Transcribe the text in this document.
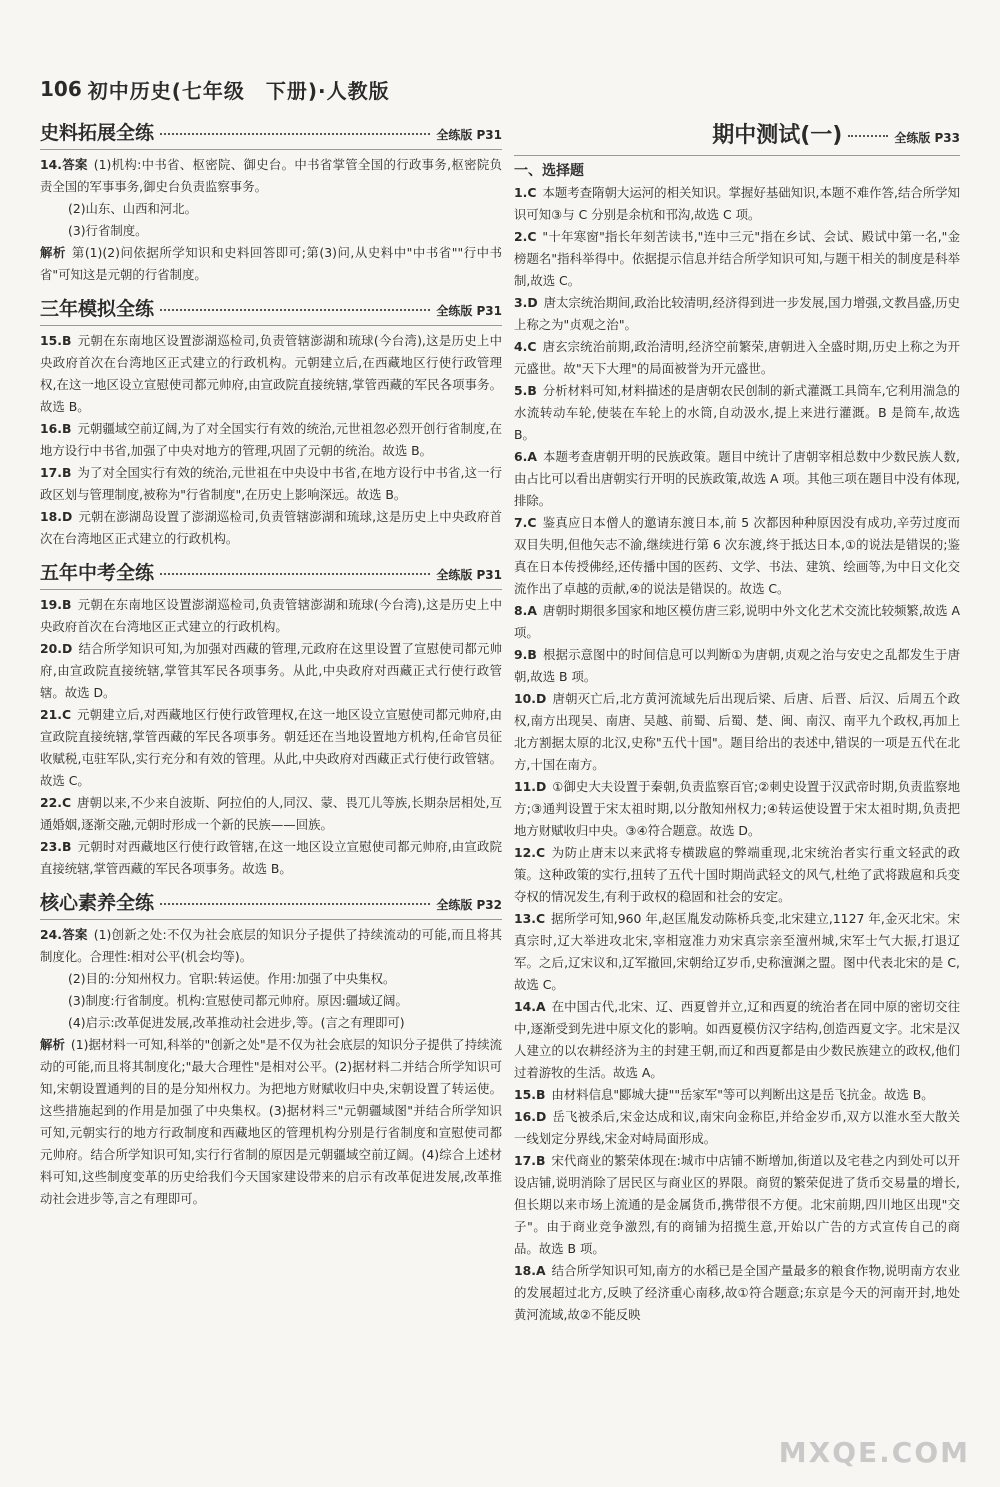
106 初中历史(七年级　下册)·人教版
史料拓展全练	全练版 P31

14.答案 (1)机构:中书省、枢密院、御史台。中书省掌管全国的行政事务,枢密院负责全国的军事事务,御史台负责监察事务。

(2)山东、山西和河北。

(3)行省制度。

解析 第(1)(2)问依据所学知识和史料回答即可;第(3)问,从史料中"中书省""行中书省"可知这是元朝的行省制度。

三年模拟全练	全练版 P31

15.B 元朝在东南地区设置澎湖巡检司,负责管辖澎湖和琉球(今台湾),这是历史上中央政府首次在台湾地区正式建立的行政机构。元朝建立后,在西藏地区行使行政管理权,在这一地区设立宣慰使司都元帅府,由宣政院直接统辖,掌管西藏的军民各项事务。故选 B。

16.B 元朝疆域空前辽阔,为了对全国实行有效的统治,元世祖忽必烈开创行省制度,在地方设行中书省,加强了中央对地方的管理,巩固了元朝的统治。故选 B。

17.B 为了对全国实行有效的统治,元世祖在中央设中书省,在地方设行中书省,这一行政区划与管理制度,被称为"行省制度",在历史上影响深远。故选 B。

18.D 元朝在澎湖岛设置了澎湖巡检司,负责管辖澎湖和琉球,这是历史上中央政府首次在台湾地区正式建立的行政机构。

五年中考全练	全练版 P31

19.B 元朝在东南地区设置澎湖巡检司,负责管辖澎湖和琉球(今台湾),这是历史上中央政府首次在台湾地区正式建立的行政机构。

20.D 结合所学知识可知,为加强对西藏的管理,元政府在这里设置了宣慰使司都元帅府,由宣政院直接统辖,掌管其军民各项事务。从此,中央政府对西藏正式行使行政管辖。故选 D。

21.C 元朝建立后,对西藏地区行使行政管理权,在这一地区设立宣慰使司都元帅府,由宣政院直接统辖,掌管西藏的军民各项事务。朝廷还在当地设置地方机构,任命官员征收赋税,屯驻军队,实行充分和有效的管理。从此,中央政府对西藏正式行使行政管辖。故选 C。

22.C 唐朝以来,不少来自波斯、阿拉伯的人,同汉、蒙、畏兀儿等族,长期杂居相处,互通婚姻,逐渐交融,元朝时形成一个新的民族——回族。

23.B 元朝时对西藏地区行使行政管辖,在这一地区设立宣慰使司都元帅府,由宣政院直接统辖,掌管西藏的军民各项事务。故选 B。

核心素养全练	全练版 P32

24.答案 (1)创新之处:不仅为社会底层的知识分子提供了持续流动的可能,而且将其制度化。合理性:相对公平(机会均等)。

(2)目的:分知州权力。官职:转运使。作用:加强了中央集权。

(3)制度:行省制度。机构:宣慰使司都元帅府。原因:疆域辽阔。

(4)启示:改革促进发展,改革推动社会进步,等。(言之有理即可)

解析 (1)据材料一可知,科举的"创新之处"是不仅为社会底层的知识分子提供了持续流动的可能,而且将其制度化;"最大合理性"是相对公平。(2)据材料二并结合所学知识可知,宋朝设置通判的目的是分知州权力。为把地方财赋收归中央,宋朝设置了转运使。这些措施起到的作用是加强了中央集权。(3)据材料三"元朝疆域图"并结合所学知识可知,元朝实行的地方行政制度和西藏地区的管理机构分别是行省制度和宣慰使司都元帅府。结合所学知识可知,实行行省制的原因是元朝疆域空前辽阔。(4)综合上述材料可知,这些制度变革的历史给我们今天国家建设带来的启示有改革促进发展,改革推动社会进步等,言之有理即可。

期中测试(一)	全练版 P33
一、选择题

1.C 本题考查隋朝大运河的相关知识。掌握好基础知识,本题不难作答,结合所学知识可知③与 C 分别是余杭和邗沟,故选 C 项。

2.C "十年寒窗"指长年刻苦读书,"连中三元"指在乡试、会试、殿试中第一名,"金榜题名"指科举得中。依据提示信息并结合所学知识可知,与题干相关的制度是科举制,故选 C。

3.D 唐太宗统治期间,政治比较清明,经济得到进一步发展,国力增强,文教昌盛,历史上称之为"贞观之治"。

4.C 唐玄宗统治前期,政治清明,经济空前繁荣,唐朝进入全盛时期,历史上称之为开元盛世。故"天下大理"的局面被誉为开元盛世。

5.B 分析材料可知,材料描述的是唐朝农民创制的新式灌溉工具筒车,它利用湍急的水流转动车轮,使装在车轮上的水筒,自动汲水,提上来进行灌溉。B 是筒车,故选 B。

6.A 本题考查唐朝开明的民族政策。题目中统计了唐朝宰相总数中少数民族人数,由占比可以看出唐朝实行开明的民族政策,故选 A 项。其他三项在题目中没有体现,排除。

7.C 鉴真应日本僧人的邀请东渡日本,前 5 次都因种种原因没有成功,辛劳过度而双目失明,但他矢志不渝,继续进行第 6 次东渡,终于抵达日本,①的说法是错误的;鉴真在日本传授佛经,还传播中国的医药、文学、书法、建筑、绘画等,为中日文化交流作出了卓越的贡献,④的说法是错误的。故选 C。

8.A 唐朝时期很多国家和地区模仿唐三彩,说明中外文化艺术交流比较频繁,故选 A 项。

9.B 根据示意图中的时间信息可以判断①为唐朝,贞观之治与安史之乱都发生于唐朝,故选 B 项。

10.D 唐朝灭亡后,北方黄河流域先后出现后梁、后唐、后晋、后汉、后周五个政权,南方出现吴、南唐、吴越、前蜀、后蜀、楚、闽、南汉、南平九个政权,再加上北方割据太原的北汉,史称"五代十国"。题目给出的表述中,错误的一项是五代在北方,十国在南方。

11.D ①御史大夫设置于秦朝,负责监察百官;②刺史设置于汉武帝时期,负责监察地方;③通判设置于宋太祖时期,以分散知州权力;④转运使设置于宋太祖时期,负责把地方财赋收归中央。③④符合题意。故选 D。

12.C 为防止唐末以来武将专横跋扈的弊端重现,北宋统治者实行重文轻武的政策。这种政策的实行,扭转了五代十国时期尚武轻文的风气,杜绝了武将跋扈和兵变夺权的情况发生,有利于政权的稳固和社会的安定。

13.C 据所学可知,960 年,赵匡胤发动陈桥兵变,北宋建立,1127 年,金灭北宋。宋真宗时,辽大举进攻北宋,宰相寇准力劝宋真宗亲至澶州城,宋军士气大振,打退辽军。之后,辽宋议和,辽军撤回,宋朝给辽岁币,史称澶渊之盟。图中代表北宋的是 C,故选 C。

14.A 在中国古代,北宋、辽、西夏曾并立,辽和西夏的统治者在同中原的密切交往中,逐渐受到先进中原文化的影响。如西夏模仿汉字结构,创造西夏文字。北宋是汉人建立的以农耕经济为主的封建王朝,而辽和西夏都是由少数民族建立的政权,他们过着游牧的生活。故选 A。

15.B 由材料信息"郾城大捷""岳家军"等可以判断出这是岳飞抗金。故选 B。

16.D 岳飞被杀后,宋金达成和议,南宋向金称臣,并给金岁币,双方以淮水至大散关一线划定分界线,宋金对峙局面形成。

17.B 宋代商业的繁荣体现在:城市中店铺不断增加,街道以及宅巷之内到处可以开设店铺,说明消除了居民区与商业区的界限。商贸的繁荣促进了货币交易量的增长,但长期以来市场上流通的是金属货币,携带很不方便。北宋前期,四川地区出现"交子"。由于商业竞争激烈,有的商铺为招揽生意,开始以广告的方式宣传自己的商品。故选 B 项。

18.A 结合所学知识可知,南方的水稻已是全国产量最多的粮食作物,说明南方农业的发展超过北方,反映了经济重心南移,故①符合题意;东京是今天的河南开封,地处黄河流域,故②不能反映

MXQE.COM
